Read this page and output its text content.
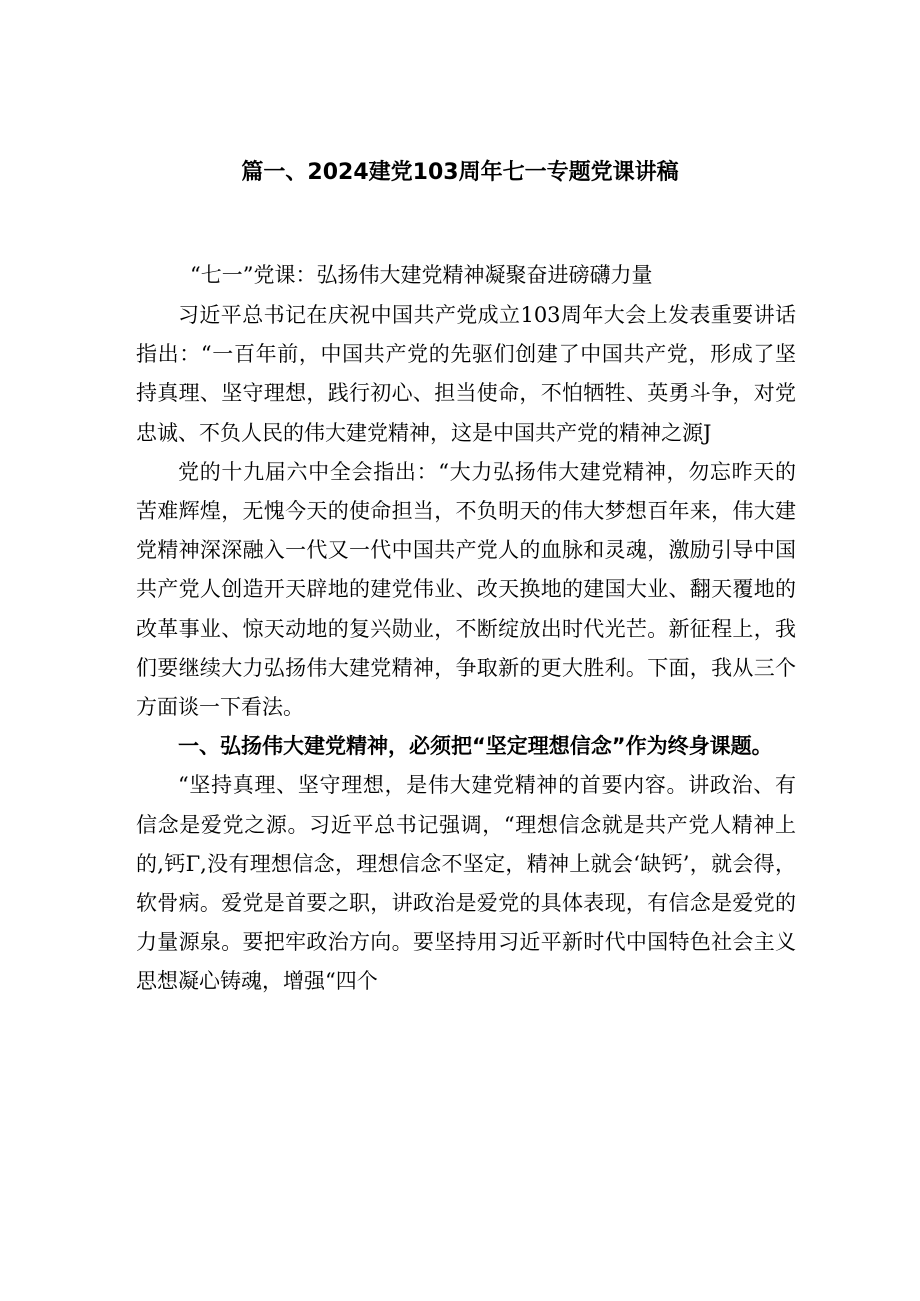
篇一、2024建党103周年七一专题党课讲稿
“七一”党课：弘扬伟大建党精神凝聚奋进磅礴力量

习近平总书记在庆祝中国共产党成立103周年大会上发表重要讲话指出：“一百年前，中国共产党的先驱们创建了中国共产党，形成了坚持真理、坚守理想，践行初心、担当使命，不怕牺牲、英勇斗争，对党忠诚、不负人民的伟大建党精神，这是中国共产党的精神之源J

党的十九届六中全会指出：“大力弘扬伟大建党精神，勿忘昨天的苦难辉煌，无愧今天的使命担当，不负明天的伟大梦想百年来，伟大建党精神深深融入一代又一代中国共产党人的血脉和灵魂，激励引导中国共产党人创造开天辟地的建党伟业、改天换地的建国大业、翻天覆地的改革事业、惊天动地的复兴勋业，不断绽放出时代光芒。新征程上，我们要继续大力弘扬伟大建党精神，争取新的更大胜利。下面，我从三个方面谈一下看法。

一、弘扬伟大建党精神，必须把“坚定理想信念”作为终身课题。

“坚持真理、坚守理想，是伟大建党精神的首要内容。讲政治、有信念是爱党之源。习近平总书记强调，“理想信念就是共产党人精神上的,钙Γ,没有理想信念，理想信念不坚定，精神上就会‘缺钙’，就会得，软骨病。爱党是首要之职，讲政治是爱党的具体表现，有信念是爱党的力量源泉。要把牢政治方向。要坚持用习近平新时代中国特色社会主义思想凝心铸魂，增强“四个
